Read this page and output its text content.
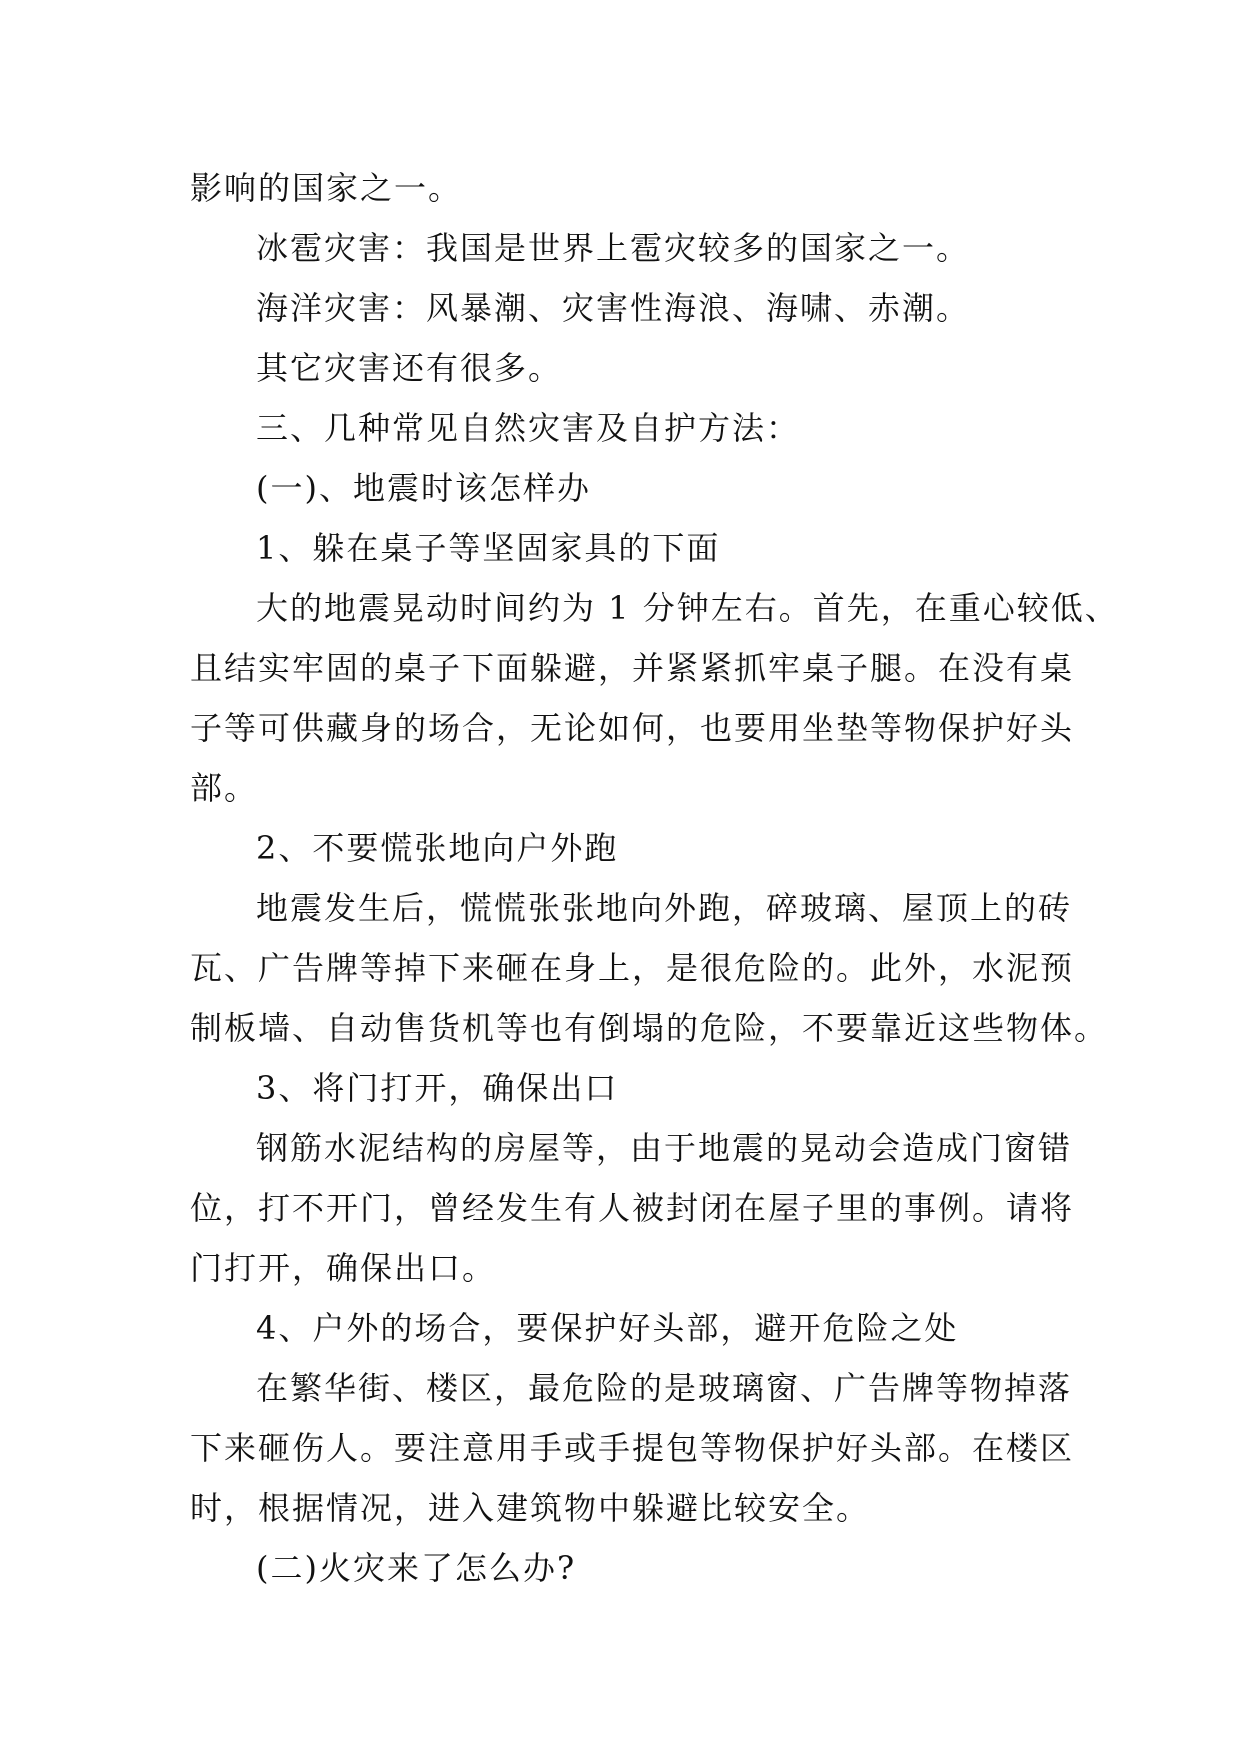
影响的国家之一。
冰雹灾害：我国是世界上雹灾较多的国家之一。
海洋灾害：风暴潮、灾害性海浪、海啸、赤潮。
其它灾害还有很多。
三、几种常见自然灾害及自护方法：
(一)、地震时该怎样办
1、躲在桌子等坚固家具的下面
大的地震晃动时间约为 1 分钟左右。首先，在重心较低、
且结实牢固的桌子下面躲避，并紧紧抓牢桌子腿。在没有桌
子等可供藏身的场合，无论如何，也要用坐垫等物保护好头
部。
2、不要慌张地向户外跑
地震发生后，慌慌张张地向外跑，碎玻璃、屋顶上的砖
瓦、广告牌等掉下来砸在身上，是很危险的。此外，水泥预
制板墙、自动售货机等也有倒塌的危险，不要靠近这些物体。
3、将门打开，确保出口
钢筋水泥结构的房屋等，由于地震的晃动会造成门窗错
位，打不开门，曾经发生有人被封闭在屋子里的事例。请将
门打开，确保出口。
4、户外的场合，要保护好头部，避开危险之处
在繁华街、楼区，最危险的是玻璃窗、广告牌等物掉落
下来砸伤人。要注意用手或手提包等物保护好头部。在楼区
时，根据情况，进入建筑物中躲避比较安全。
(二)火灾来了怎么办?
